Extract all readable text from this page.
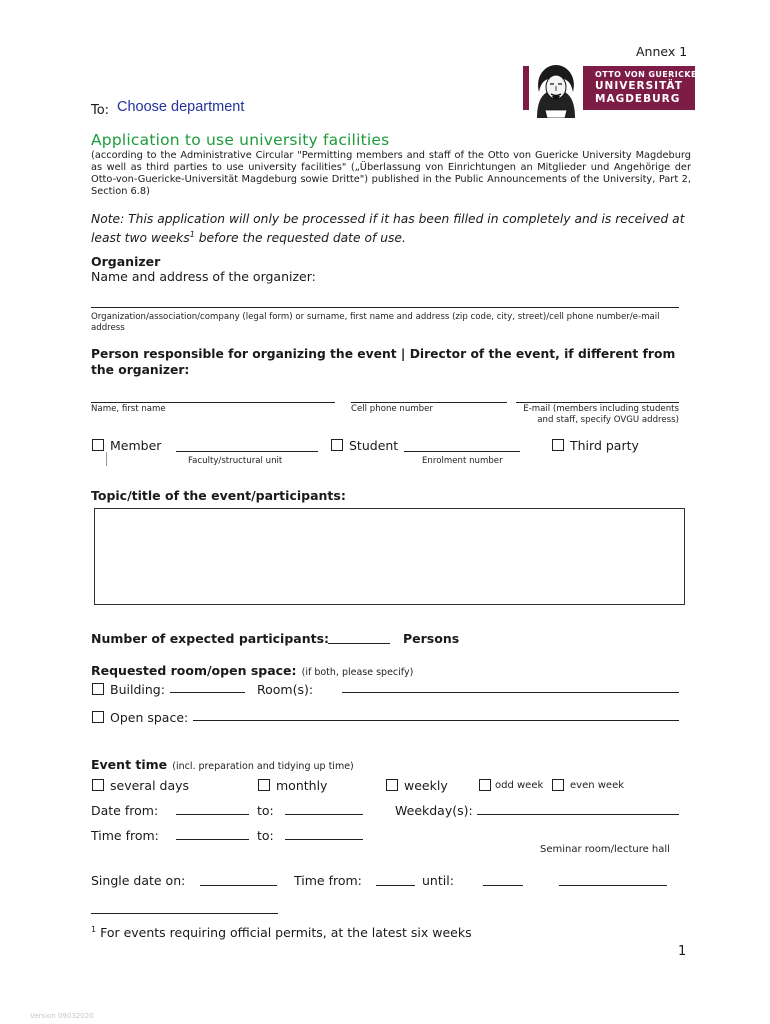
Annex 1
OTTO VON GUERICKE
UNIVERSITÄT
MAGDEBURG
To: Choose department
Application to use university facilities
(according to the Administrative Circular "Permitting members and staff of the Otto von Guericke University Magdeburg as well as third parties to use university facilities" („Überlassung von Einrichtungen an Mitglieder und Angehörige der Otto-von-Guericke-Universität Magdeburg sowie Dritte") published in the Public Announcements of the University, Part 2, Section 6.8)
Note: This application will only be processed if it has been filled in completely and is received at least two weeks$^1$ before the requested date of use.
Organizer
Name and address of the organizer:
Organization/association/company (legal form) or surname, first name and address (zip code, city, street)/cell phone number/e-mail address
Person responsible for organizing the event | Director of the event, if different from the organizer:
Name, first name	Cell phone number	E-mail (members including students
and staff, specify OVGU address)
Member
Faculty/structural unit
Student
Enrolment number
Third party
Topic/title of the event/participants:
Number of expected participants:	Persons
Requested room/open space: (if both, please specify)
Building:	Room(s):
Open space:
Event time (incl. preparation and tidying up time)
several days	monthly	weekly	odd week	even week
Date from:	to:	Weekday(s):
Time from:	to:
Seminar room/lecture hall
Single date on:	Time from:	until:
$^1$ For events requiring official permits, at the latest six weeks
1
Version 09032020
